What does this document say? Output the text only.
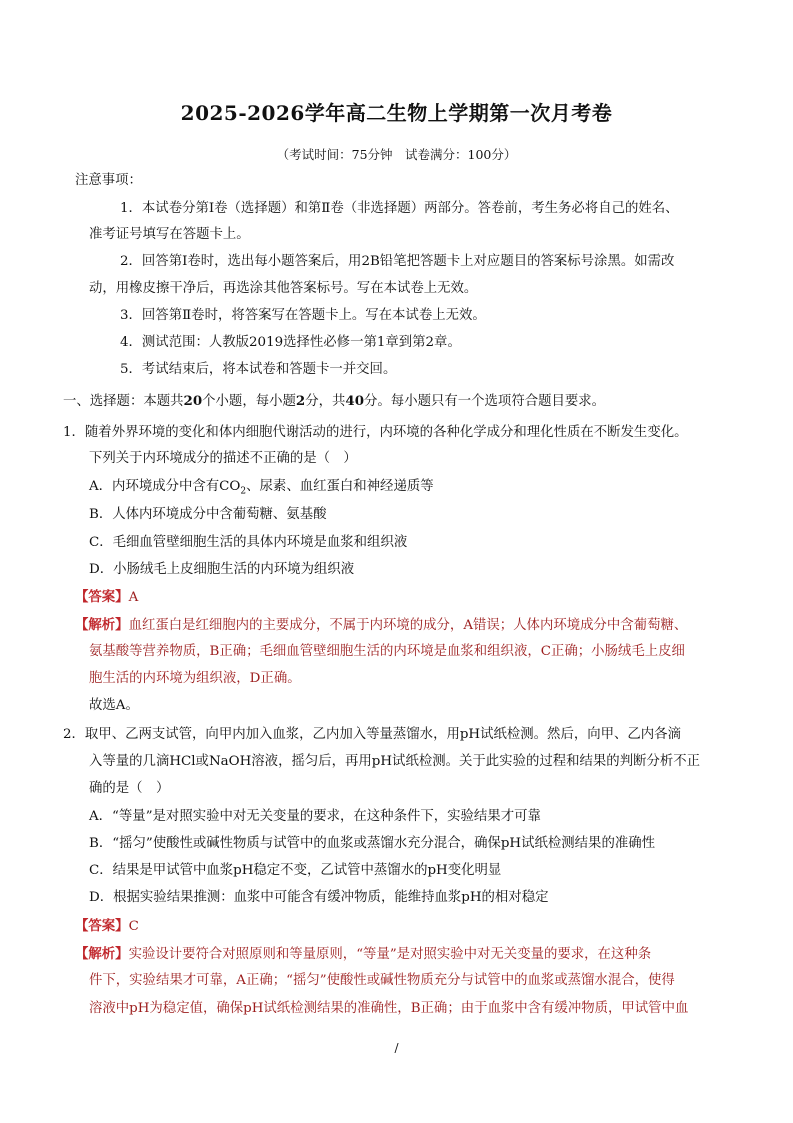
2025-2026学年高二生物上学期第一次月考卷
（考试时间：75分钟　试卷满分：100分）
注意事项：
1．本试卷分第Ⅰ卷（选择题）和第Ⅱ卷（非选择题）两部分。答卷前，考生务必将自己的姓名、
准考证号填写在答题卡上。
2．回答第Ⅰ卷时，选出每小题答案后，用2B铅笔把答题卡上对应题目的答案标号涂黑。如需改
动，用橡皮擦干净后，再选涂其他答案标号。写在本试卷上无效。
3．回答第Ⅱ卷时，将答案写在答题卡上。写在本试卷上无效。
4．测试范围：人教版2019选择性必修一第1章到第2章。
5．考试结束后，将本试卷和答题卡一并交回。
一、选择题：本题共20个小题，每小题2分，共40分。每小题只有一个选项符合题目要求。
1．随着外界环境的变化和体内细胞代谢活动的进行，内环境的各种化学成分和理化性质在不断发生变化。
下列关于内环境成分的描述不正确的是（　）
A．内环境成分中含有$CO_2$、尿素、血红蛋白和神经递质等
B．人体内环境成分中含葡萄糖、氨基酸
C．毛细血管壁细胞生活的具体内环境是血浆和组织液
D．小肠绒毛上皮细胞生活的内环境为组织液
【答案】A
【解析】血红蛋白是红细胞内的主要成分，不属于内环境的成分，A错误；人体内环境成分中含葡萄糖、
氨基酸等营养物质，B正确；毛细血管壁细胞生活的内环境是血浆和组织液，C正确；小肠绒毛上皮细
胞生活的内环境为组织液，D正确。
故选A。
2．取甲、乙两支试管，向甲内加入血浆，乙内加入等量蒸馏水，用pH试纸检测。然后，向甲、乙内各滴
入等量的几滴HCl或NaOH溶液，摇匀后，再用pH试纸检测。关于此实验的过程和结果的判断分析不正
确的是（　）
A．“等量”是对照实验中对无关变量的要求，在这种条件下，实验结果才可靠
B．“摇匀”使酸性或碱性物质与试管中的血浆或蒸馏水充分混合，确保pH试纸检测结果的准确性
C．结果是甲试管中血浆pH稳定不变，乙试管中蒸馏水的pH变化明显
D．根据实验结果推测：血浆中可能含有缓冲物质，能维持血浆pH的相对稳定
【答案】C
【解析】实验设计要符合对照原则和等量原则，“等量”是对照实验中对无关变量的要求，在这种条
件下，实验结果才可靠，A正确；“摇匀”使酸性或碱性物质充分与试管中的血浆或蒸馏水混合，使得
溶液中pH为稳定值，确保pH试纸检测结果的准确性，B正确；由于血浆中含有缓冲物质，甲试管中血
/
